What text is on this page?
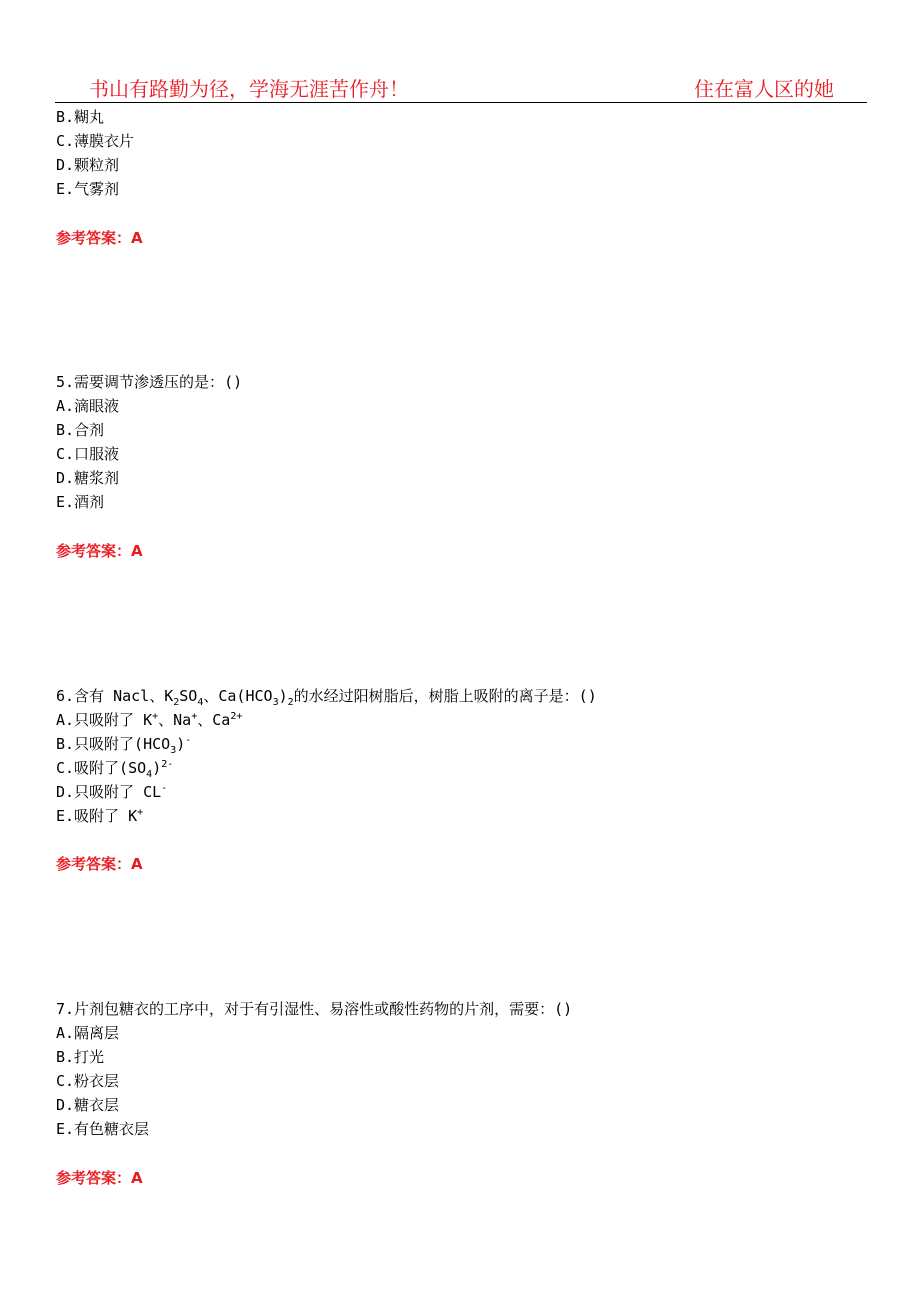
书山有路勤为径，学海无涯苦作舟！	住在富人区的她
B.糊丸
C.薄膜衣片
D.颗粒剂
E.气雾剂
参考答案：A
5.需要调节渗透压的是：()
A.滴眼液
B.合剂
C.口服液
D.糖浆剂
E.酒剂
参考答案：A
6.含有 Nacl、$K_2SO_4$、$Ca(HCO_3)_2$的水经过阳树脂后，树脂上吸附的离子是：()
A.只吸附了 K+、Na+、$Ca^{2+}$
B.只吸附了$(HCO_3)^-$
C.吸附了$(SO_4)^{2-}$
D.只吸附了 CL-
E.吸附了 K+
参考答案：A
7.片剂包糖衣的工序中，对于有引湿性、易溶性或酸性药物的片剂，需要：()
A.隔离层
B.打光
C.粉衣层
D.糖衣层
E.有色糖衣层
参考答案：A
